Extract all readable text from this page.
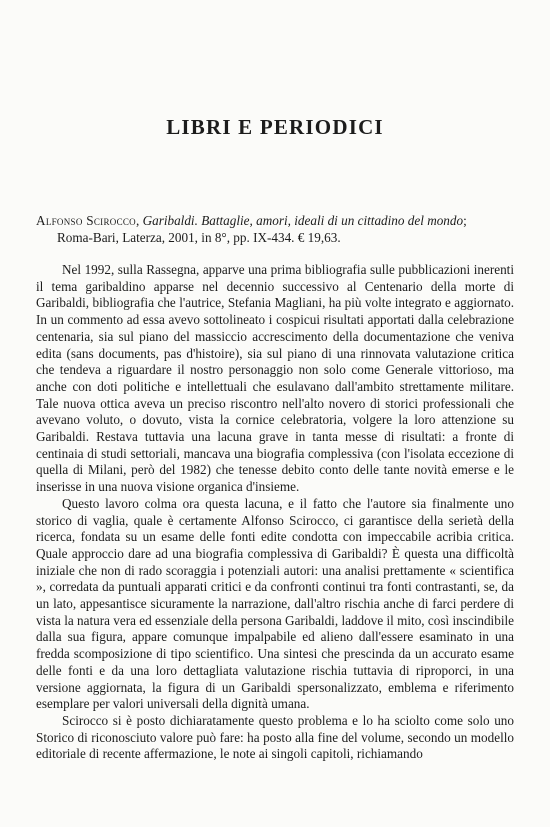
LIBRI E PERIODICI
Alfonso Scirocco, Garibaldi. Battaglie, amori, ideali di un cittadino del mondo;
Roma-Bari, Laterza, 2001, in 8°, pp. IX-434. € 19,63.

Nel 1992, sulla Rassegna, apparve una prima bibliografia sulle pubblicazioni inerenti il tema garibaldino apparse nel decennio successivo al Centenario della morte di Garibaldi, bibliografia che l'autrice, Stefania Magliani, ha più volte integrato e aggiornato. In un commento ad essa avevo sottolineato i cospicui risultati apportati dalla celebrazione centenaria, sia sul piano del massiccio accrescimento della documentazione che veniva edita (sans documents, pas d'histoire), sia sul piano di una rinnovata valutazione critica che tendeva a riguardare il nostro personaggio non solo come Generale vittorioso, ma anche con doti politiche e intellettuali che esulavano dall'ambito strettamente militare. Tale nuova ottica aveva un preciso riscontro nell'alto novero di storici professionali che avevano voluto, o dovuto, vista la cornice celebratoria, volgere la loro attenzione su Garibaldi. Restava tuttavia una lacuna grave in tanta messe di risultati: a fronte di centinaia di studi settoriali, mancava una biografia complessiva (con l'isolata eccezione di quella di Milani, però del 1982) che tenesse debito conto delle tante novità emerse e le inserisse in una nuova visione organica d'insieme.

Questo lavoro colma ora questa lacuna, e il fatto che l'autore sia finalmente uno storico di vaglia, quale è certamente Alfonso Scirocco, ci garantisce della serietà della ricerca, fondata su un esame delle fonti edite condotta con impeccabile acribia critica. Quale approccio dare ad una biografia complessiva di Garibaldi? È questa una difficoltà iniziale che non di rado scoraggia i potenziali autori: una analisi prettamente « scientifica », corredata da puntuali apparati critici e da confronti continui tra fonti contrastanti, se, da un lato, appesantisce sicuramente la narrazione, dall'altro rischia anche di farci perdere di vista la natura vera ed essenziale della persona Garibaldi, laddove il mito, così inscindibile dalla sua figura, appare comunque impalpabile ed alieno dall'essere esaminato in una fredda scomposizione di tipo scientifico. Una sintesi che prescinda da un accurato esame delle fonti e da una loro dettagliata valutazione rischia tuttavia di riproporci, in una versione aggiornata, la figura di un Garibaldi spersonalizzato, emblema e riferimento esemplare per valori universali della dignità umana.

Scirocco si è posto dichiaratamente questo problema e lo ha sciolto come solo uno Storico di riconosciuto valore può fare: ha posto alla fine del volume, secondo un modello editoriale di recente affermazione, le note ai singoli capitoli, richiamando
